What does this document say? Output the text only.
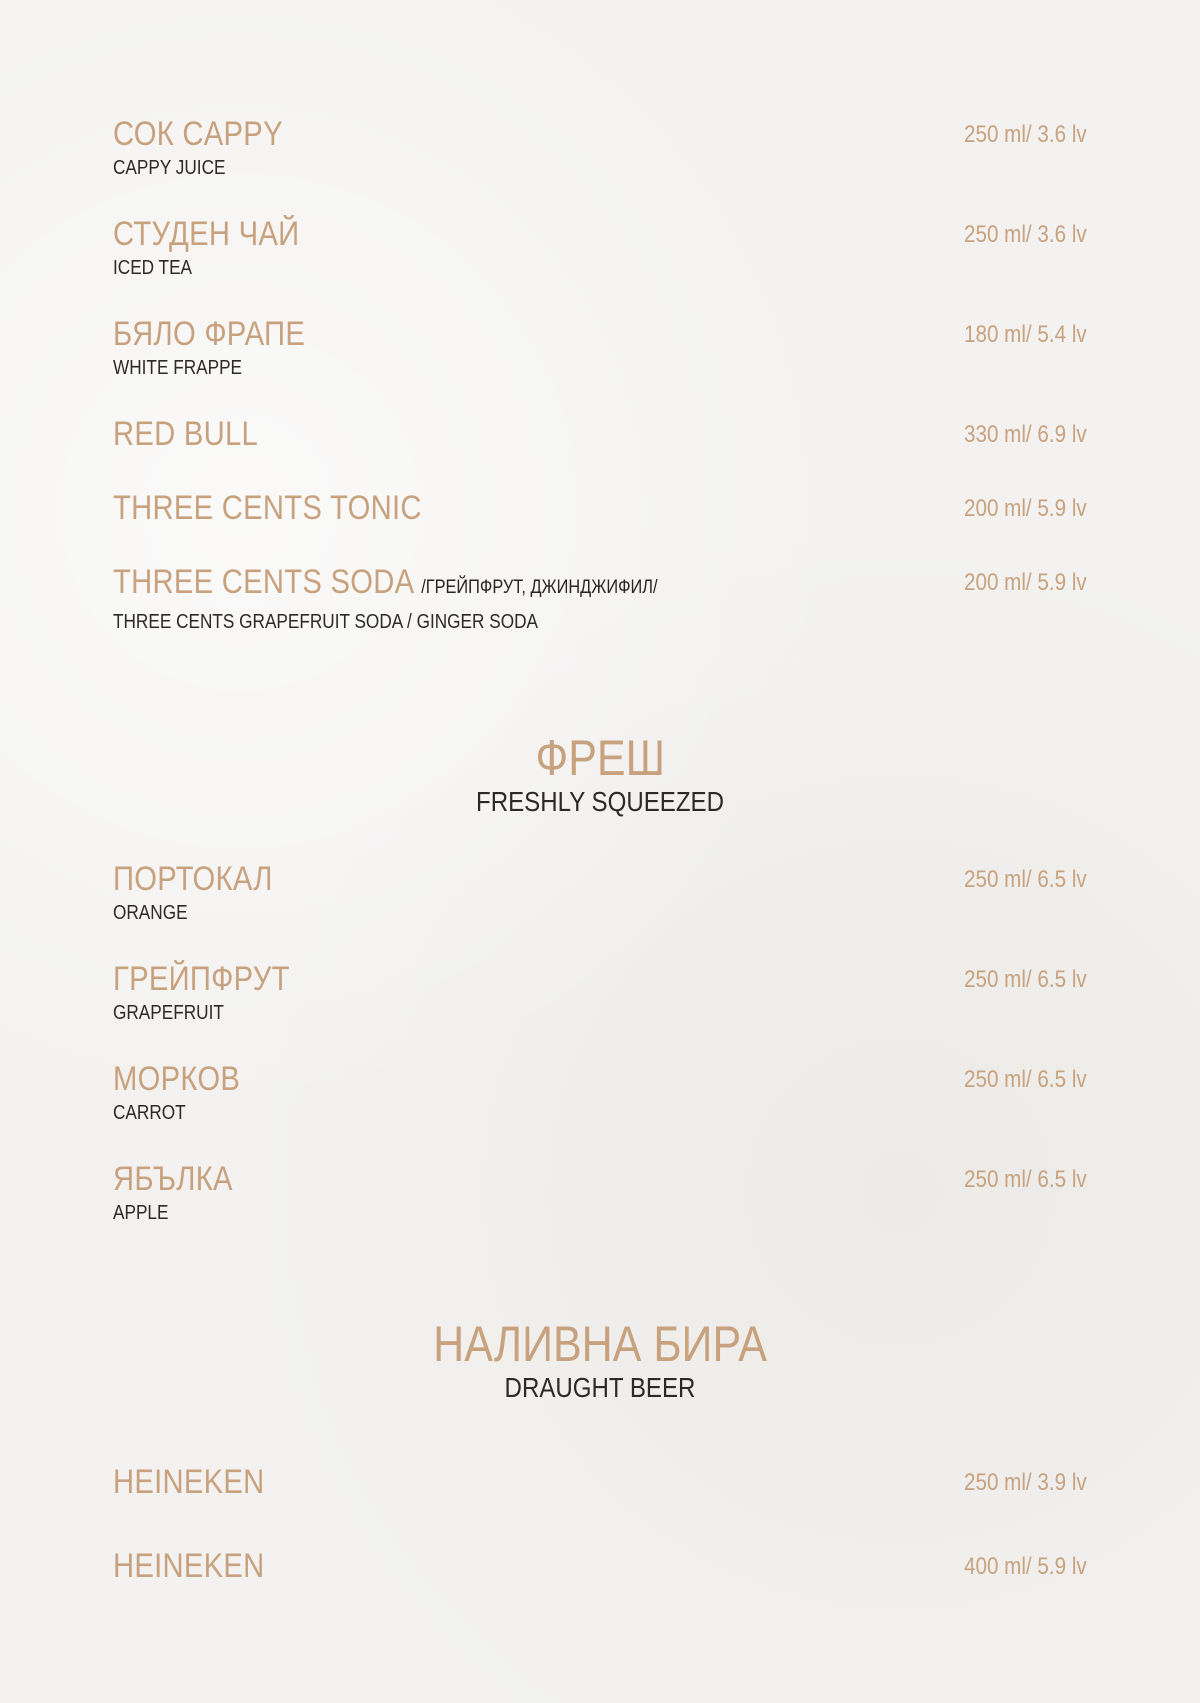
СОК CAPPY
CAPPY JUICE
250 ml/ 3.6 lv
СТУДЕН ЧАЙ
ICED TEA
250 ml/ 3.6 lv
БЯЛО ФРАПЕ
WHITE FRAPPE
180 ml/ 5.4 lv
RED BULL	330 ml/ 6.9 lv
THREE CENTS TONIC	200 ml/ 5.9 lv
THREE CENTS SODA /ГРЕЙПФРУТ, ДЖИНДЖИФИЛ/
THREE CENTS GRAPEFRUIT SODA / GINGER SODA
200 ml/ 5.9 lv
ФРЕШ
FRESHLY SQUEEZED
ПОРТОКАЛ
ORANGE
250 ml/ 6.5 lv
ГРЕЙПФРУТ
GRAPEFRUIT
250 ml/ 6.5 lv
МОРКОВ
CARROT
250 ml/ 6.5 lv
ЯБЪЛКА
APPLE
250 ml/ 6.5 lv
НАЛИВНА БИРА
DRAUGHT BEER
HEINEKEN	250 ml/ 3.9 lv
HEINEKEN	400 ml/ 5.9 lv
